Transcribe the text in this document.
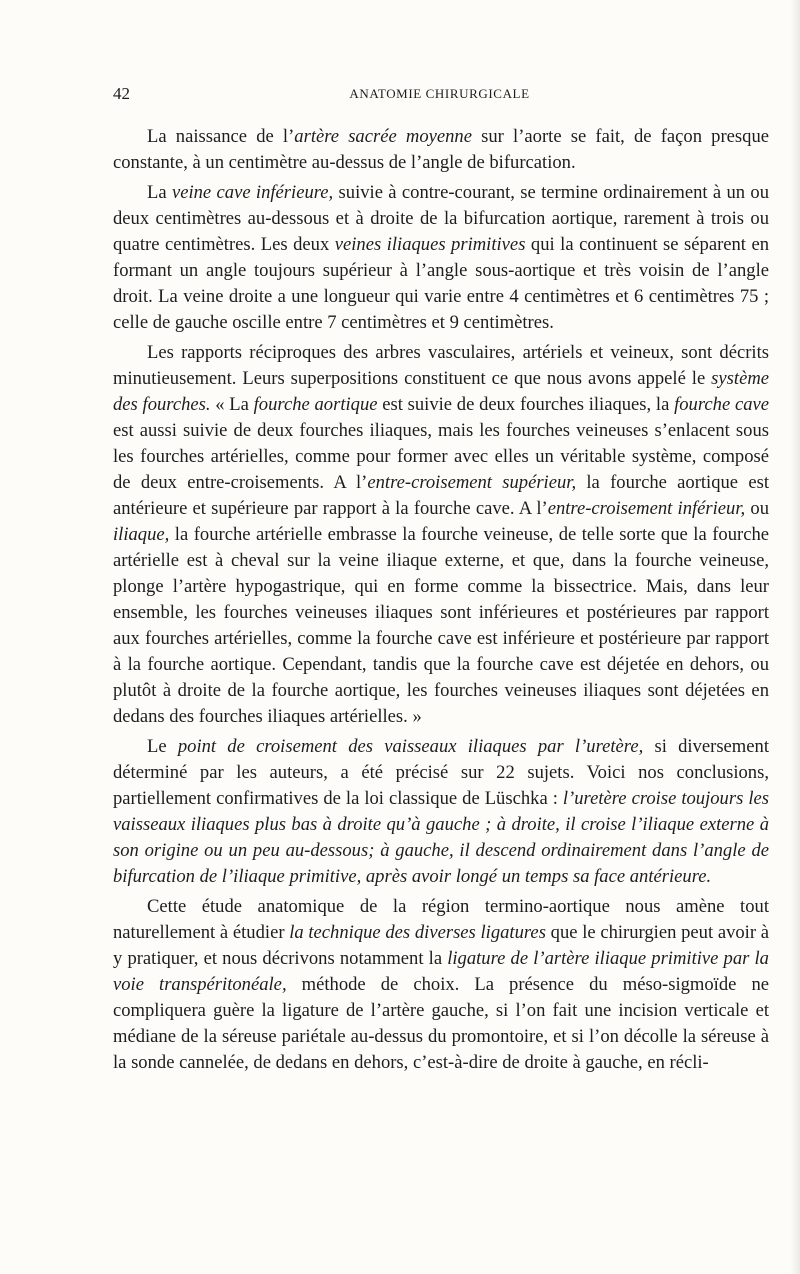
42	ANATOMIE CHIRURGICALE

La naissance de l’artère sacrée moyenne sur l’aorte se fait, de façon presque constante, à un centimètre au-dessus de l’angle de bifurcation.

La veine cave inférieure, suivie à contre-courant, se termine ordinairement à un ou deux centimètres au-dessous et à droite de la bifurcation aortique, rarement à trois ou quatre centimètres. Les deux veines iliaques primitives qui la continuent se séparent en formant un angle toujours supérieur à l’angle sous-aortique et très voisin de l’angle droit. La veine droite a une longueur qui varie entre 4 centimètres et 6 centimètres 75 ; celle de gauche oscille entre 7 centimètres et 9 centimètres.

Les rapports réciproques des arbres vasculaires, artériels et veineux, sont décrits minutieusement. Leurs superpositions constituent ce que nous avons appelé le système des fourches. « La fourche aortique est suivie de deux fourches iliaques, la fourche cave est aussi suivie de deux fourches iliaques, mais les fourches veineuses s’enlacent sous les fourches artérielles, comme pour former avec elles un véritable système, composé de deux entre-croisements. A l’entre-croisement supérieur, la fourche aortique est antérieure et supérieure par rapport à la fourche cave. A l’entre-croisement inférieur, ou iliaque, la fourche artérielle embrasse la fourche veineuse, de telle sorte que la fourche artérielle est à cheval sur la veine iliaque externe, et que, dans la fourche veineuse, plonge l’artère hypogastrique, qui en forme comme la bissectrice. Mais, dans leur ensemble, les fourches veineuses iliaques sont inférieures et postérieures par rapport aux fourches artérielles, comme la fourche cave est inférieure et postérieure par rapport à la fourche aortique. Cependant, tandis que la fourche cave est déjetée en dehors, ou plutôt à droite de la fourche aortique, les fourches veineuses iliaques sont déjetées en dedans des fourches iliaques artérielles. »

Le point de croisement des vaisseaux iliaques par l’uretère, si diversement déterminé par les auteurs, a été précisé sur 22 sujets. Voici nos conclusions, partiellement confirmatives de la loi classique de Lüschka : l’uretère croise toujours les vaisseaux iliaques plus bas à droite qu’à gauche ; à droite, il croise l’iliaque externe à son origine ou un peu au-dessous; à gauche, il descend ordinairement dans l’angle de bifurcation de l’iliaque primitive, après avoir longé un temps sa face antérieure.

Cette étude anatomique de la région termino-aortique nous amène tout naturellement à étudier la technique des diverses ligatures que le chirurgien peut avoir à y pratiquer, et nous décrivons notamment la ligature de l’artère iliaque primitive par la voie transpéritonéale, méthode de choix. La présence du méso-sigmoïde ne compliquera guère la ligature de l’artère gauche, si l’on fait une incision verticale et médiane de la séreuse pariétale au-dessus du promontoire, et si l’on décolle la séreuse à la sonde cannelée, de dedans en dehors, c’est-à-dire de droite à gauche, en récli-
